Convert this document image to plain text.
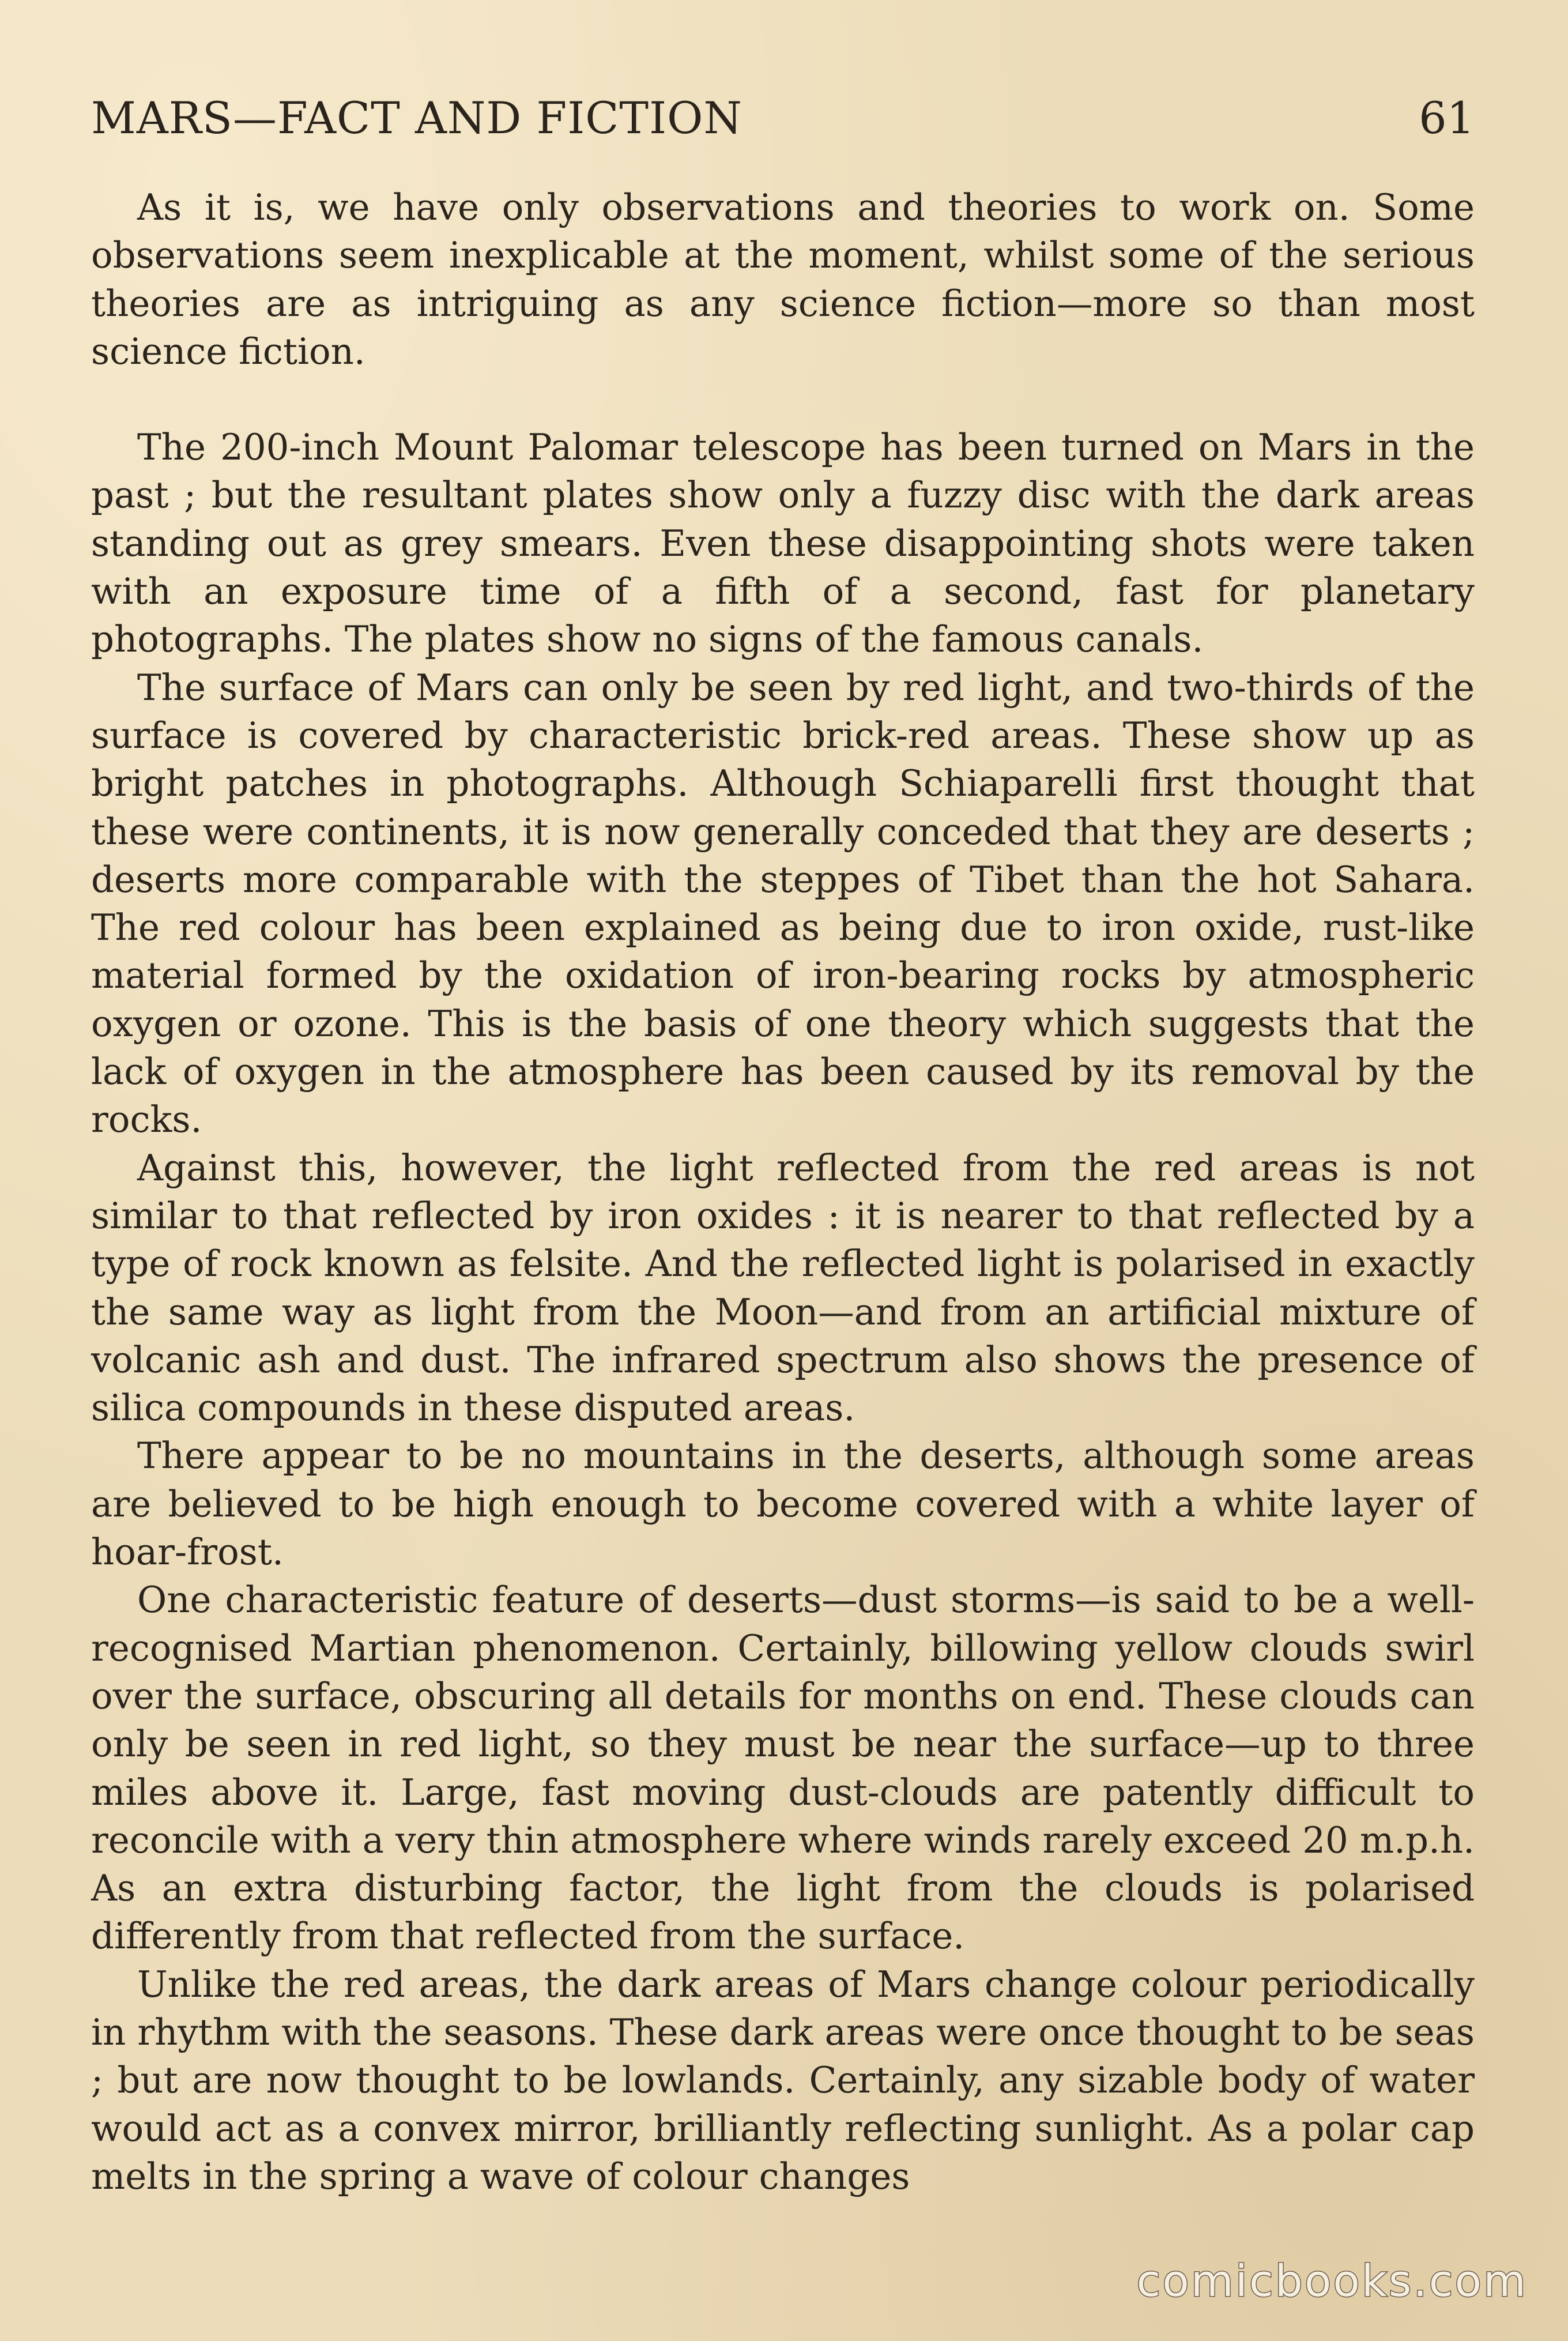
MARS—FACT AND FICTION	61

As it is, we have only observations and theories to work on. Some observations seem inexplicable at the moment, whilst some of the serious theories are as intriguing as any science fiction—more so than most science fiction.

The 200-inch Mount Palomar telescope has been turned on Mars in the past ; but the resultant plates show only a fuzzy disc with the dark areas standing out as grey smears. Even these disappointing shots were taken with an exposure time of a fifth of a second, fast for planetary photographs. The plates show no signs of the famous canals.

The surface of Mars can only be seen by red light, and two-thirds of the surface is covered by characteristic brick-red areas. These show up as bright patches in photographs. Although Schiaparelli first thought that these were continents, it is now generally conceded that they are deserts ; deserts more comparable with the steppes of Tibet than the hot Sahara. The red colour has been explained as being due to iron oxide, rust-like material formed by the oxidation of iron-bearing rocks by atmospheric oxygen or ozone. This is the basis of one theory which suggests that the lack of oxygen in the atmosphere has been caused by its removal by the rocks.

Against this, however, the light reflected from the red areas is not similar to that reflected by iron oxides : it is nearer to that reflected by a type of rock known as felsite. And the reflected light is polarised in exactly the same way as light from the Moon—and from an artificial mixture of volcanic ash and dust. The infrared spectrum also shows the presence of silica compounds in these disputed areas.

There appear to be no mountains in the deserts, although some areas are believed to be high enough to become covered with a white layer of hoar-frost.

One characteristic feature of deserts—dust storms—is said to be a well-recognised Martian phenomenon. Certainly, billowing yellow clouds swirl over the surface, obscuring all details for months on end. These clouds can only be seen in red light, so they must be near the surface—up to three miles above it. Large, fast moving dust-clouds are patently difficult to reconcile with a very thin atmosphere where winds rarely exceed 20 m.p.h. As an extra disturbing factor, the light from the clouds is polarised differently from that reflected from the surface.

Unlike the red areas, the dark areas of Mars change colour periodically in rhythm with the seasons. These dark areas were once thought to be seas ; but are now thought to be lowlands. Certainly, any sizable body of water would act as a convex mirror, brilliantly reflecting sunlight. As a polar cap melts in the spring a wave of colour changes

comicbooks.com
